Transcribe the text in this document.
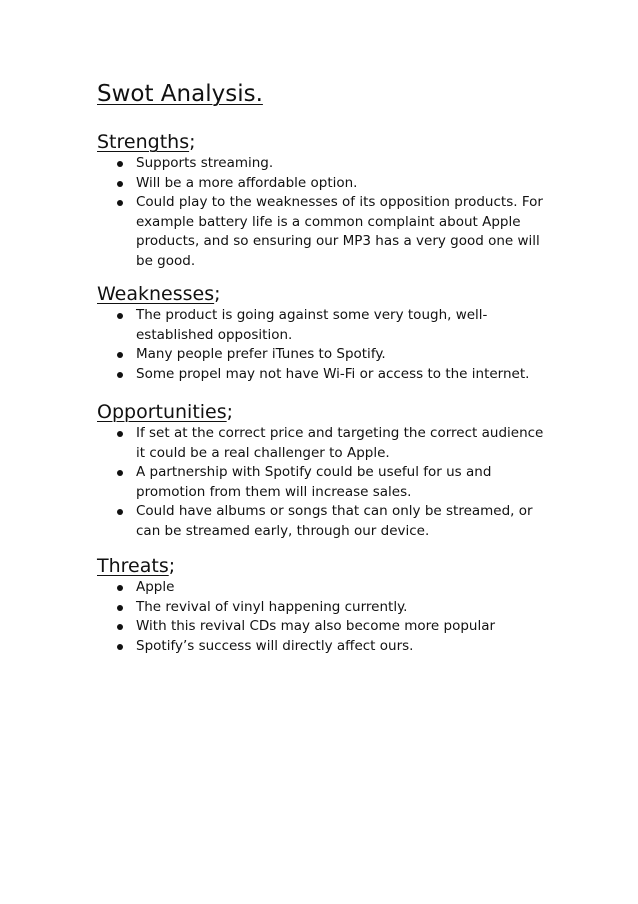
Swot Analysis.
Strengths;
Supports streaming.
Will be a more affordable option.
Could play to the weaknesses of its opposition products. For example battery life is a common complaint about Apple products, and so ensuring our MP3 has a very good one will be good.
Weaknesses;
The product is going against some very tough, well-established opposition.
Many people prefer iTunes to Spotify.
Some propel may not have Wi-Fi or access to the internet.
Opportunities;
If set at the correct price and targeting the correct audience it could be a real challenger to Apple.
A partnership with Spotify could be useful for us and promotion from them will increase sales.
Could have albums or songs that can only be streamed, or can be streamed early, through our device.
Threats;
Apple
The revival of vinyl happening currently.
With this revival CDs may also become more popular
Spotify’s success will directly affect ours.
